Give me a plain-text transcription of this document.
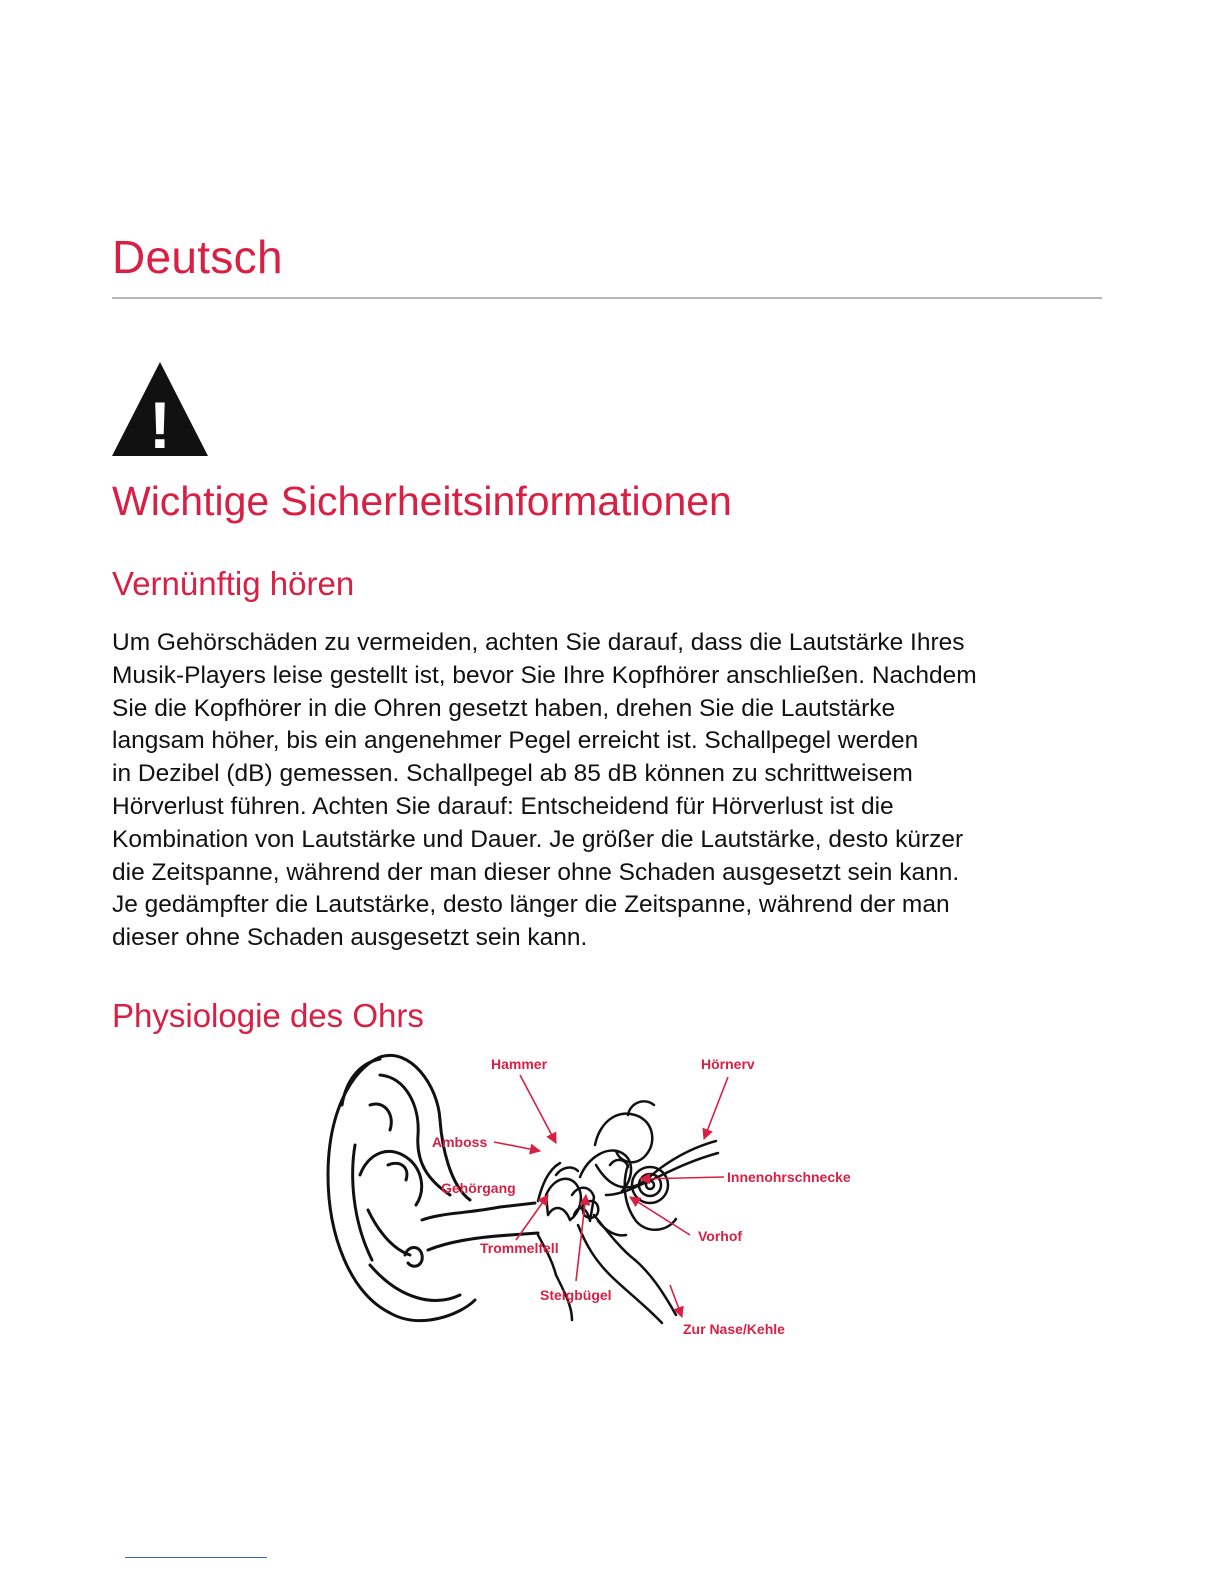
Deutsch
!
Wichtige Sicherheitsinformationen
Vernünftig hören

Um Gehörschäden zu vermeiden, achten Sie darauf, dass die Lautstärke Ihres
Musik-Players leise gestellt ist, bevor Sie Ihre Kopfhörer anschließen. Nachdem
Sie die Kopfhörer in die Ohren gesetzt haben, drehen Sie die Lautstärke
langsam höher, bis ein angenehmer Pegel erreicht ist. Schallpegel werden
in Dezibel (dB) gemessen. Schallpegel ab 85 dB können zu schrittweisem
Hörverlust führen. Achten Sie darauf: Entscheidend für Hörverlust ist die
Kombination von Lautstärke und Dauer. Je größer die Lautstärke, desto kürzer
die Zeitspanne, während der man dieser ohne Schaden ausgesetzt sein kann.
Je gedämpfter die Lautstärke, desto länger die Zeitspanne, während der man
dieser ohne Schaden ausgesetzt sein kann.

Physiologie des Ohrs
Hammer	Hörnerv
Amboss
Innenohrschnecke
Gehörgang
Vorhof
Trommelfell
Steigbügel
Zur Nase/Kehle
